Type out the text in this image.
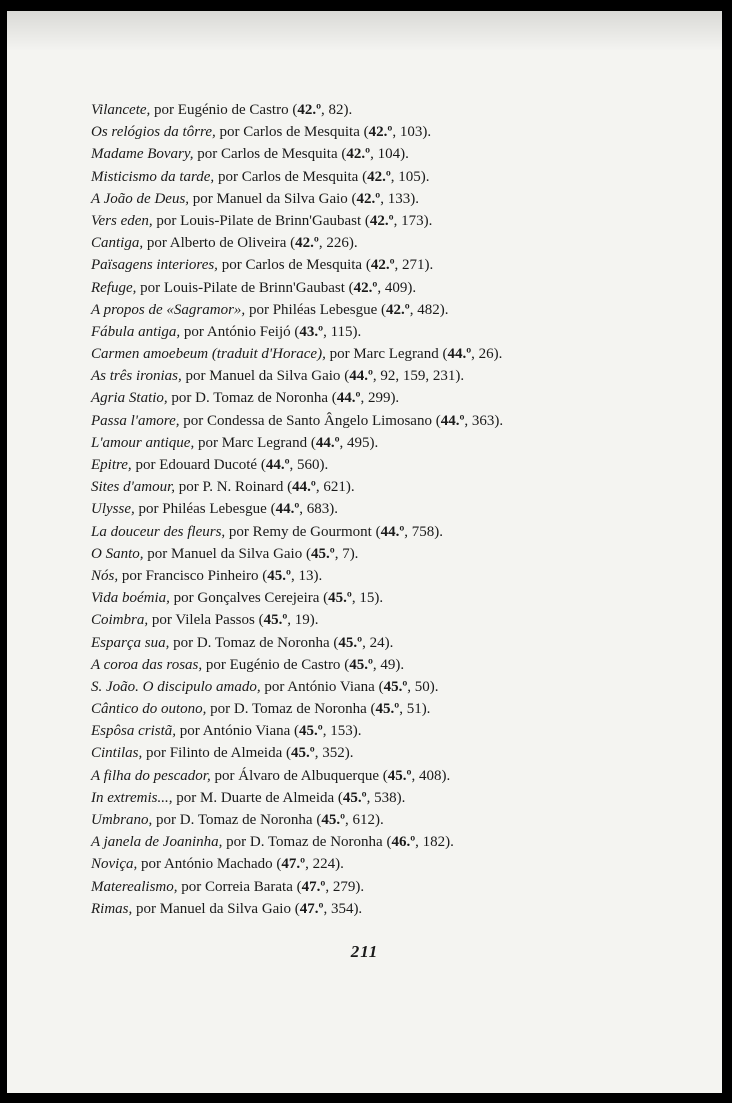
Vilancete, por Eugénio de Castro (42.º, 82).
Os relógios da tôrre, por Carlos de Mesquita (42.º, 103).
Madame Bovary, por Carlos de Mesquita (42.º, 104).
Misticismo da tarde, por Carlos de Mesquita (42.º, 105).
A João de Deus, por Manuel da Silva Gaio (42.º, 133).
Vers eden, por Louis-Pilate de Brinn'Gaubast (42.º, 173).
Cantiga, por Alberto de Oliveira (42.º, 226).
Païsagens interiores, por Carlos de Mesquita (42.º, 271).
Refuge, por Louis-Pilate de Brinn'Gaubast (42.º, 409).
A propos de «Sagramor», por Philéas Lebesgue (42.º, 482).
Fábula antiga, por António Feijó (43.º, 115).
Carmen amoebeum (traduit d'Horace), por Marc Legrand (44.º, 26).
As três ironias, por Manuel da Silva Gaio (44.º, 92, 159, 231).
Agria Statio, por D. Tomaz de Noronha (44.º, 299).
Passa l'amore, por Condessa de Santo Ângelo Limosano (44.º, 363).
L'amour antique, por Marc Legrand (44.º, 495).
Epitre, por Edouard Ducoté (44.º, 560).
Sites d'amour, por P. N. Roinard (44.º, 621).
Ulysse, por Philéas Lebesgue (44.º, 683).
La douceur des fleurs, por Remy de Gourmont (44.º, 758).
O Santo, por Manuel da Silva Gaio (45.º, 7).
Nós, por Francisco Pinheiro (45.º, 13).
Vida boémia, por Gonçalves Cerejeira (45.º, 15).
Coimbra, por Vilela Passos (45.º, 19).
Esparça sua, por D. Tomaz de Noronha (45.º, 24).
A coroa das rosas, por Eugénio de Castro (45.º, 49).
S. João. O discipulo amado, por António Viana (45.º, 50).
Cântico do outono, por D. Tomaz de Noronha (45.º, 51).
Espôsa cristã, por António Viana (45.º, 153).
Cintilas, por Filinto de Almeida (45.º, 352).
A filha do pescador, por Álvaro de Albuquerque (45.º, 408).
In extremis..., por M. Duarte de Almeida (45.º, 538).
Umbrano, por D. Tomaz de Noronha (45.º, 612).
A janela de Joaninha, por D. Tomaz de Noronha (46.º, 182).
Noviça, por António Machado (47.º, 224).
Materealismo, por Correia Barata (47.º, 279).
Rimas, por Manuel da Silva Gaio (47.º, 354).
211
